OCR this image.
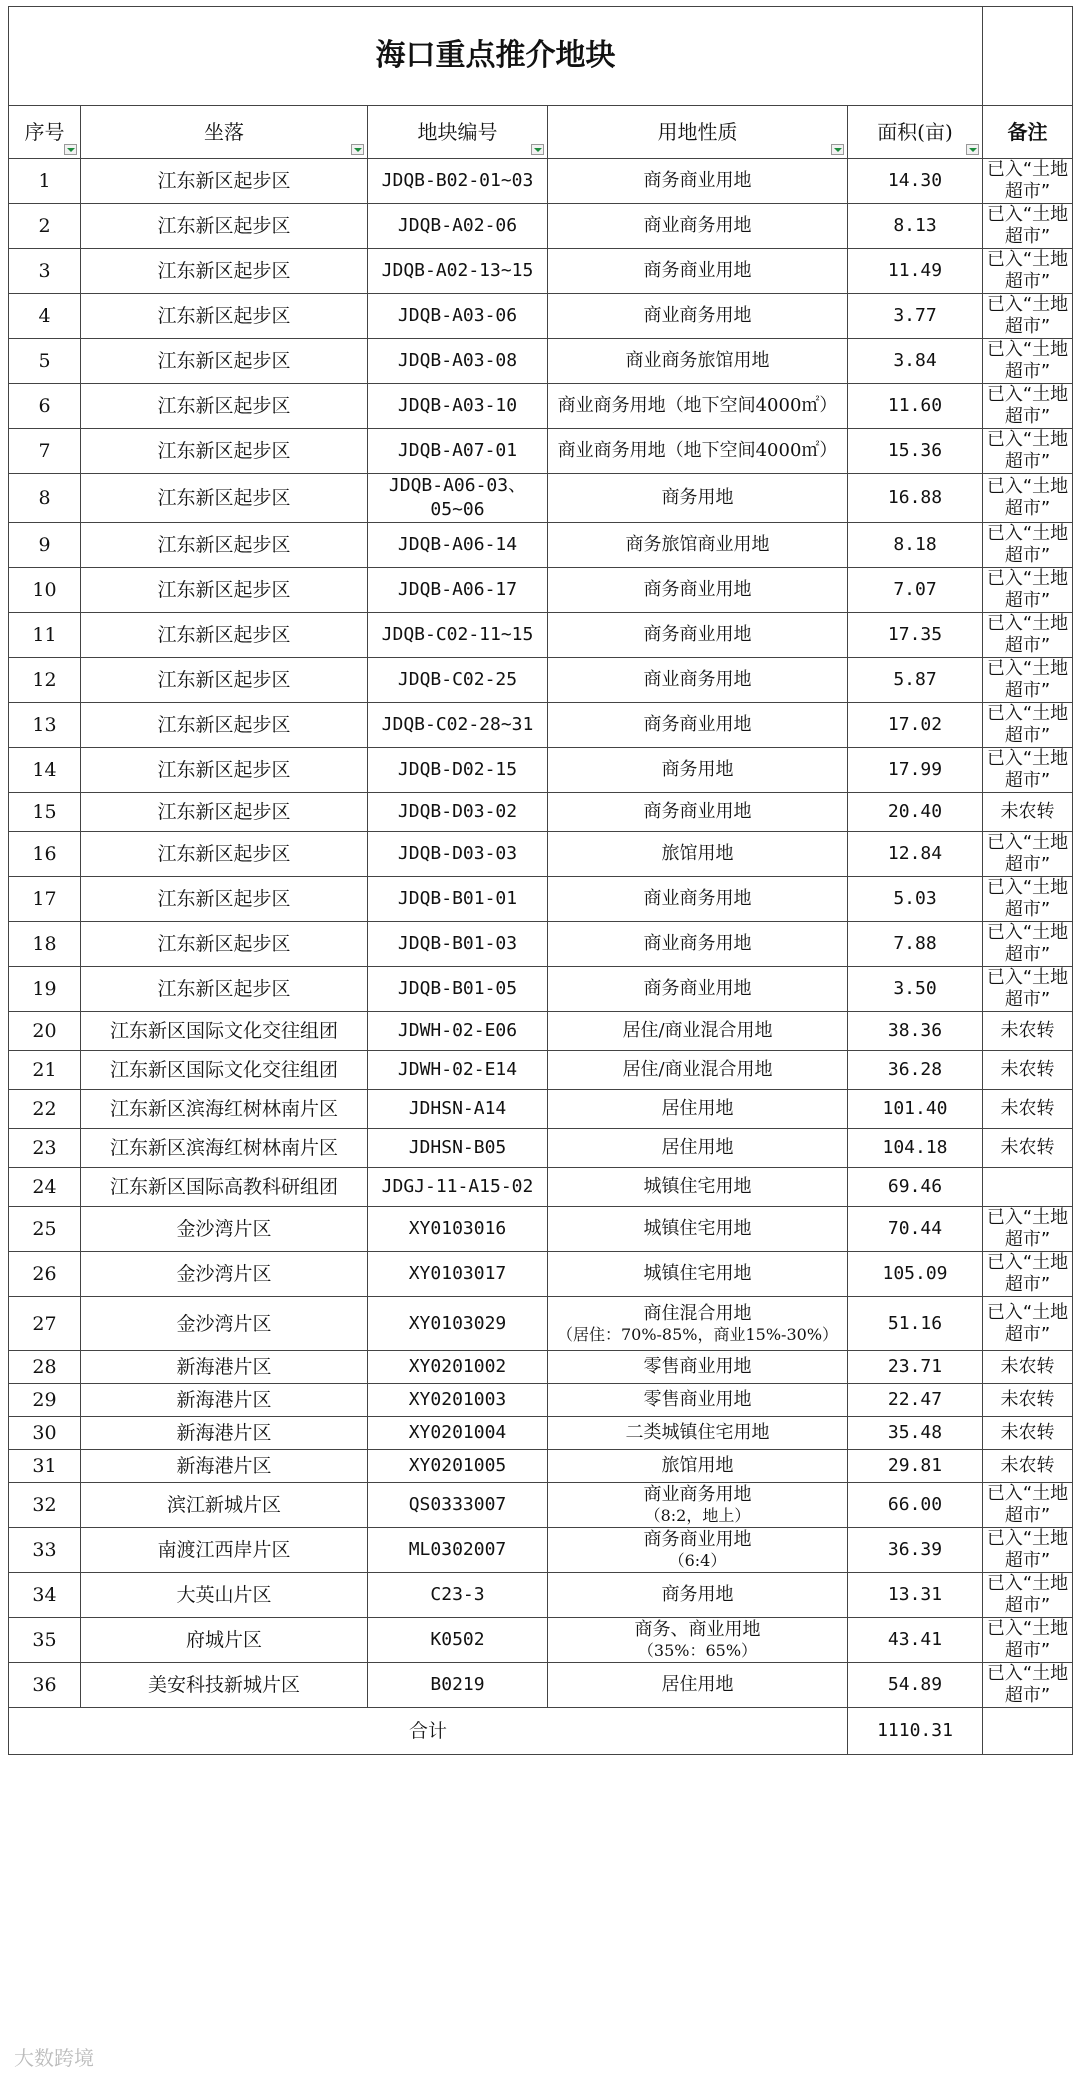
海口重点推介地块					
序号	坐落	地块编号	用地性质	面积(亩)	备注
1	江东新区起步区	JDQB-B02-01~03	商务商业用地	14.30	已入“土地超市”
2	江东新区起步区	JDQB-A02-06	商业商务用地	8.13	已入“土地超市”
3	江东新区起步区	JDQB-A02-13~15	商务商业用地	11.49	已入“土地超市”
4	江东新区起步区	JDQB-A03-06	商业商务用地	3.77	已入“土地超市”
5	江东新区起步区	JDQB-A03-08	商业商务旅馆用地	3.84	已入“土地超市”
6	江东新区起步区	JDQB-A03-10	商业商务用地（地下空间4000㎡）	11.60	已入“土地超市”
7	江东新区起步区	JDQB-A07-01	商业商务用地（地下空间4000㎡）	15.36	已入“土地超市”
8	江东新区起步区	JDQB-A06-03、05~06	商务用地	16.88	已入“土地超市”
9	江东新区起步区	JDQB-A06-14	商务旅馆商业用地	8.18	已入“土地超市”
10	江东新区起步区	JDQB-A06-17	商务商业用地	7.07	已入“土地超市”
11	江东新区起步区	JDQB-C02-11~15	商务商业用地	17.35	已入“土地超市”
12	江东新区起步区	JDQB-C02-25	商业商务用地	5.87	已入“土地超市”
13	江东新区起步区	JDQB-C02-28~31	商务商业用地	17.02	已入“土地超市”
14	江东新区起步区	JDQB-D02-15	商务用地	17.99	已入“土地超市”
15	江东新区起步区	JDQB-D03-02	商务商业用地	20.40	未农转
16	江东新区起步区	JDQB-D03-03	旅馆用地	12.84	已入“土地超市”
17	江东新区起步区	JDQB-B01-01	商业商务用地	5.03	已入“土地超市”
18	江东新区起步区	JDQB-B01-03	商业商务用地	7.88	已入“土地超市”
19	江东新区起步区	JDQB-B01-05	商务商业用地	3.50	已入“土地超市”
20	江东新区国际文化交往组团	JDWH-02-E06	居住/商业混合用地	38.36	未农转
21	江东新区国际文化交往组团	JDWH-02-E14	居住/商业混合用地	36.28	未农转
22	江东新区滨海红树林南片区	JDHSN-A14	居住用地	101.40	未农转
23	江东新区滨海红树林南片区	JDHSN-B05	居住用地	104.18	未农转
24	江东新区国际高教科研组团	JDGJ-11-A15-02	城镇住宅用地	69.46	
25	金沙湾片区	XY0103016	城镇住宅用地	70.44	已入“土地超市”
26	金沙湾片区	XY0103017	城镇住宅用地	105.09	已入“土地超市”
27	金沙湾片区	XY0103029	商住混合用地
（居住：70%-85%，商业15%-30%）	51.16	已入“土地超市”
28	新海港片区	XY0201002	零售商业用地	23.71	未农转
29	新海港片区	XY0201003	零售商业用地	22.47	未农转
30	新海港片区	XY0201004	二类城镇住宅用地	35.48	未农转
31	新海港片区	XY0201005	旅馆用地	29.81	未农转
32	滨江新城片区	QS0333007	商业商务用地
（8:2，地上）	66.00	已入“土地超市”
33	南渡江西岸片区	ML0302007	商务商业用地
（6:4）	36.39	已入“土地超市”
34	大英山片区	C23-3	商务用地	13.31	已入“土地超市”
35	府城片区	K0502	商务、商业用地
（35%：65%）	43.41	已入“土地超市”
36	美安科技新城片区	B0219	居住用地	54.89	已入“土地超市”
合计				1110.31	
大数跨境
